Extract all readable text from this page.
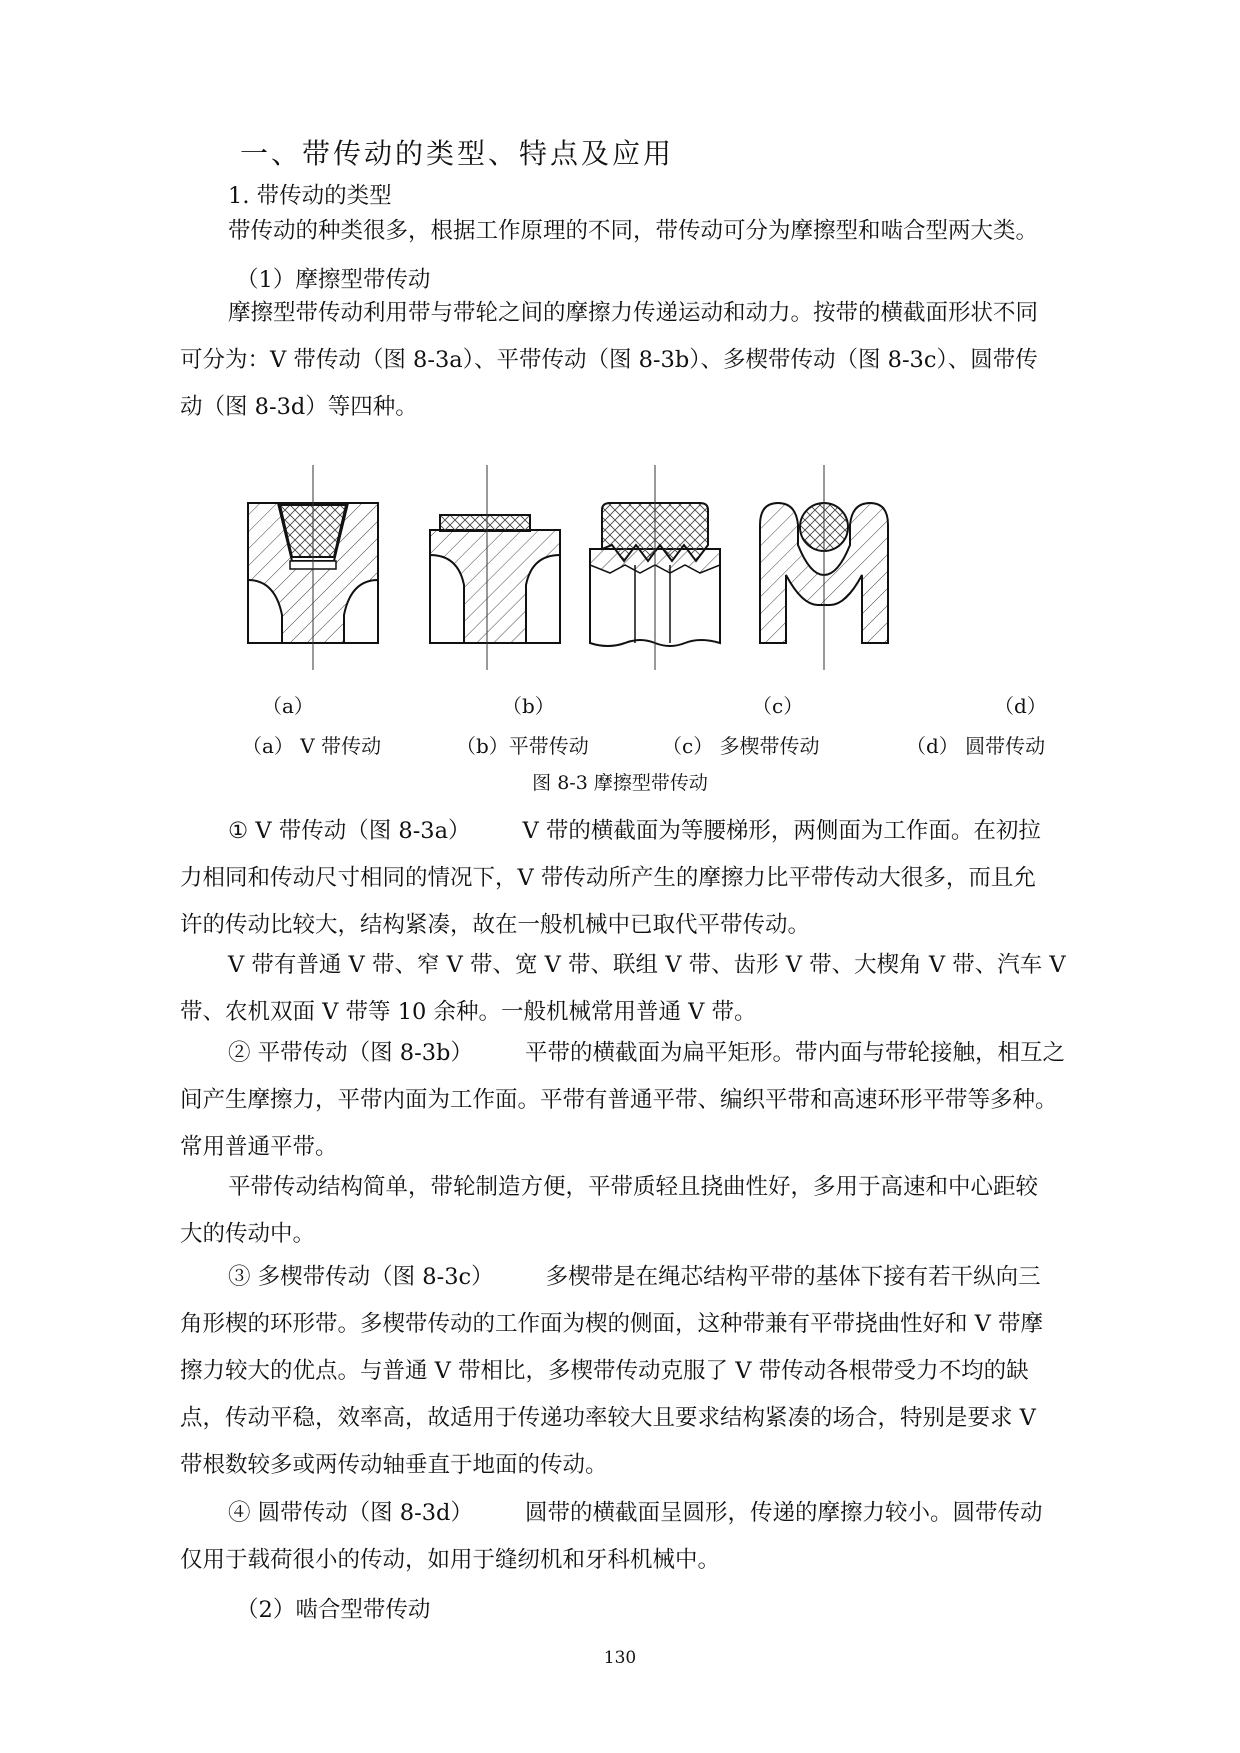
一、带传动的类型、特点及应用
1. 带传动的类型
带传动的种类很多，根据工作原理的不同，带传动可分为摩擦型和啮合型两大类。
（1）摩擦型带传动
摩擦型带传动利用带与带轮之间的摩擦力传递运动和动力。按带的横截面形状不同
可分为：V 带传动（图 8-3a）、平带传动（图 8-3b）、多楔带传动（图 8-3c）、圆带传
动（图 8-3d）等四种。
（a）	（b）	（c）	（d）
（a） V 带传动	（b）平带传动	（c） 多楔带传动	（d） 圆带传动
图 8-3 摩擦型带传动
① V 带传动（图 8-3a） V 带的横截面为等腰梯形，两侧面为工作面。在初拉
力相同和传动尺寸相同的情况下，V 带传动所产生的摩擦力比平带传动大很多，而且允
许的传动比较大，结构紧凑，故在一般机械中已取代平带传动。
V 带有普通 V 带、窄 V 带、宽 V 带、联组 V 带、齿形 V 带、大楔角 V 带、汽车 V
带、农机双面 V 带等 10 余种。一般机械常用普通 V 带。
② 平带传动（图 8-3b） 平带的横截面为扁平矩形。带内面与带轮接触，相互之
间产生摩擦力，平带内面为工作面。平带有普通平带、编织平带和高速环形平带等多种。
常用普通平带。
平带传动结构简单，带轮制造方便，平带质轻且挠曲性好，多用于高速和中心距较
大的传动中。
③ 多楔带传动（图 8-3c） 多楔带是在绳芯结构平带的基体下接有若干纵向三
角形楔的环形带。多楔带传动的工作面为楔的侧面，这种带兼有平带挠曲性好和 V 带摩
擦力较大的优点。与普通 V 带相比，多楔带传动克服了 V 带传动各根带受力不均的缺
点，传动平稳，效率高，故适用于传递功率较大且要求结构紧凑的场合，特别是要求 V
带根数较多或两传动轴垂直于地面的传动。
④ 圆带传动（图 8-3d） 圆带的横截面呈圆形，传递的摩擦力较小。圆带传动
仅用于载荷很小的传动，如用于缝纫机和牙科机械中。
（2）啮合型带传动
130
